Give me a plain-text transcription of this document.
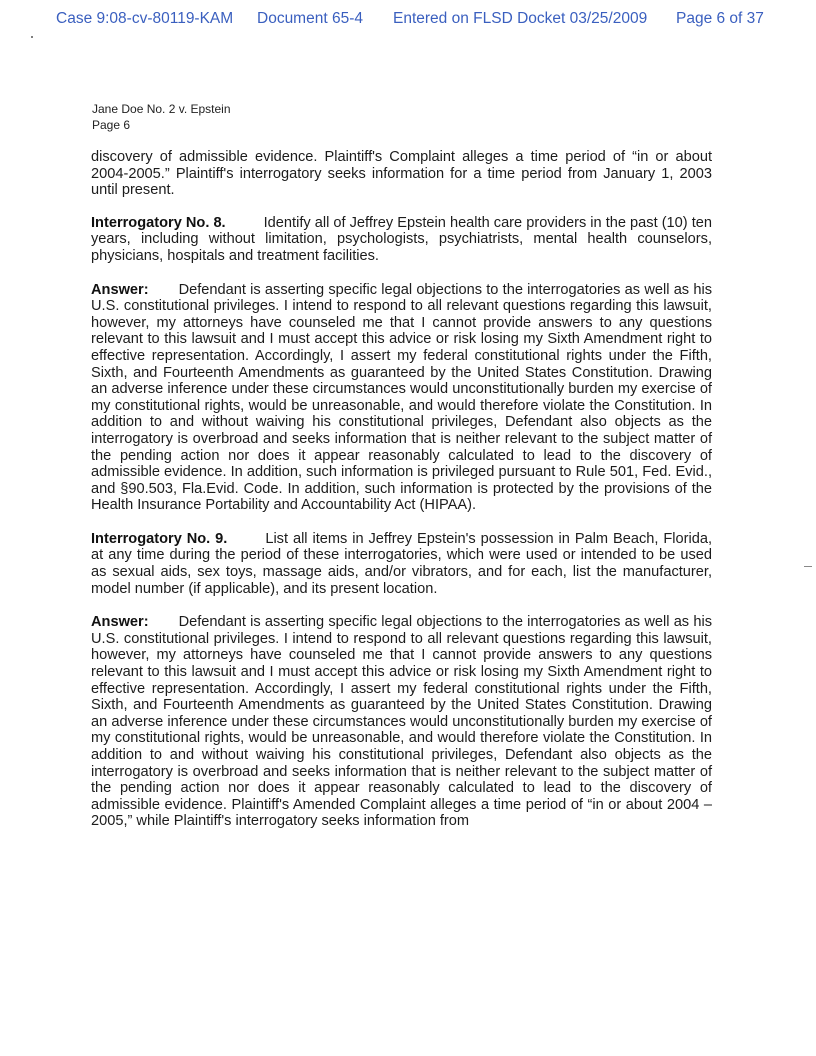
Case 9:08-cv-80119-KAM Document 65-4 Entered on FLSD Docket 03/25/2009 Page 6 of 37
Jane Doe No. 2 v. Epstein
Page 6

discovery of admissible evidence. Plaintiff's Complaint alleges a time period of “in or about 2004-2005.” Plaintiff's interrogatory seeks information for a time period from January 1, 2003 until present.

Interrogatory No. 8.	Identify all of Jeffrey Epstein health care providers in the past (10) ten years, including without limitation, psychologists, psychiatrists, mental health counselors, physicians, hospitals and treatment facilities.

Answer: Defendant is asserting specific legal objections to the interrogatories as well as his U.S. constitutional privileges. I intend to respond to all relevant questions regarding this lawsuit, however, my attorneys have counseled me that I cannot provide answers to any questions relevant to this lawsuit and I must accept this advice or risk losing my Sixth Amendment right to effective representation. Accordingly, I assert my federal constitutional rights under the Fifth, Sixth, and Fourteenth Amendments as guaranteed by the United States Constitution. Drawing an adverse inference under these circumstances would unconstitutionally burden my exercise of my constitutional rights, would be unreasonable, and would therefore violate the Constitution. In addition to and without waiving his constitutional privileges, Defendant also objects as the interrogatory is overbroad and seeks information that is neither relevant to the subject matter of the pending action nor does it appear reasonably calculated to lead to the discovery of admissible evidence. In addition, such information is privileged pursuant to Rule 501, Fed. Evid., and §90.503, Fla.Evid. Code. In addition, such information is protected by the provisions of the Health Insurance Portability and Accountability Act (HIPAA).

Interrogatory No. 9.	List all items in Jeffrey Epstein's possession in Palm Beach, Florida, at any time during the period of these interrogatories, which were used or intended to be used as sexual aids, sex toys, massage aids, and/or vibrators, and for each, list the manufacturer, model number (if applicable), and its present location.

Answer: Defendant is asserting specific legal objections to the interrogatories as well as his U.S. constitutional privileges. I intend to respond to all relevant questions regarding this lawsuit, however, my attorneys have counseled me that I cannot provide answers to any questions relevant to this lawsuit and I must accept this advice or risk losing my Sixth Amendment right to effective representation. Accordingly, I assert my federal constitutional rights under the Fifth, Sixth, and Fourteenth Amendments as guaranteed by the United States Constitution. Drawing an adverse inference under these circumstances would unconstitutionally burden my exercise of my constitutional rights, would be unreasonable, and would therefore violate the Constitution. In addition to and without waiving his constitutional privileges, Defendant also objects as the interrogatory is overbroad and seeks information that is neither relevant to the subject matter of the pending action nor does it appear reasonably calculated to lead to the discovery of admissible evidence. Plaintiff's Amended Complaint alleges a time period of “in or about 2004 – 2005,” while Plaintiff's interrogatory seeks information from
